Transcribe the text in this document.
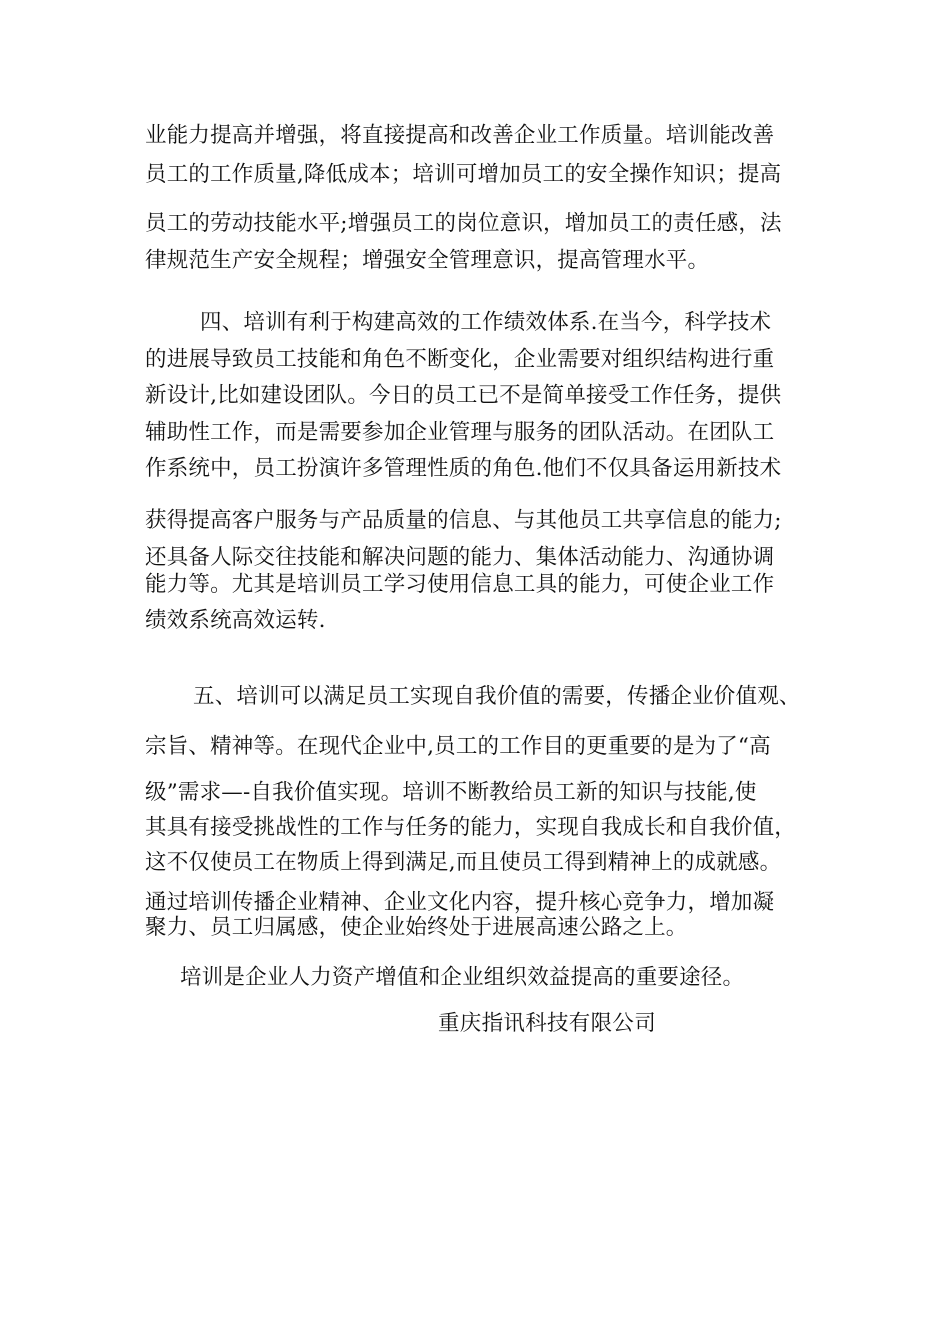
业能力提高并增强，将直接提高和改善企业工作质量。培训能改善
员工的工作质量,降低成本；培训可增加员工的安全操作知识；提高
员工的劳动技能水平;增强员工的岗位意识，增加员工的责任感，法
律规范生产安全规程；增强安全管理意识，提高管理水平。
四、培训有利于构建高效的工作绩效体系.在当今，科学技术
的进展导致员工技能和角色不断变化，企业需要对组织结构进行重
新设计,比如建设团队。今日的员工已不是简单接受工作任务，提供
辅助性工作，而是需要参加企业管理与服务的团队活动。在团队工
作系统中，员工扮演许多管理性质的角色.他们不仅具备运用新技术
获得提高客户服务与产品质量的信息、与其他员工共享信息的能力;
还具备人际交往技能和解决问题的能力、集体活动能力、沟通协调
能力等。尤其是培训员工学习使用信息工具的能力，可使企业工作
绩效系统高效运转.
五、培训可以满足员工实现自我价值的需要，传播企业价值观、
宗旨、精神等。在现代企业中,员工的工作目的更重要的是为了“高
级”需求—-自我价值实现。培训不断教给员工新的知识与技能,使
其具有接受挑战性的工作与任务的能力，实现自我成长和自我价值，
这不仅使员工在物质上得到满足,而且使员工得到精神上的成就感。
通过培训传播企业精神、企业文化内容，提升核心竞争力，增加凝
聚力、员工归属感，使企业始终处于进展高速公路之上。
培训是企业人力资产增值和企业组织效益提高的重要途径。
重庆指讯科技有限公司
